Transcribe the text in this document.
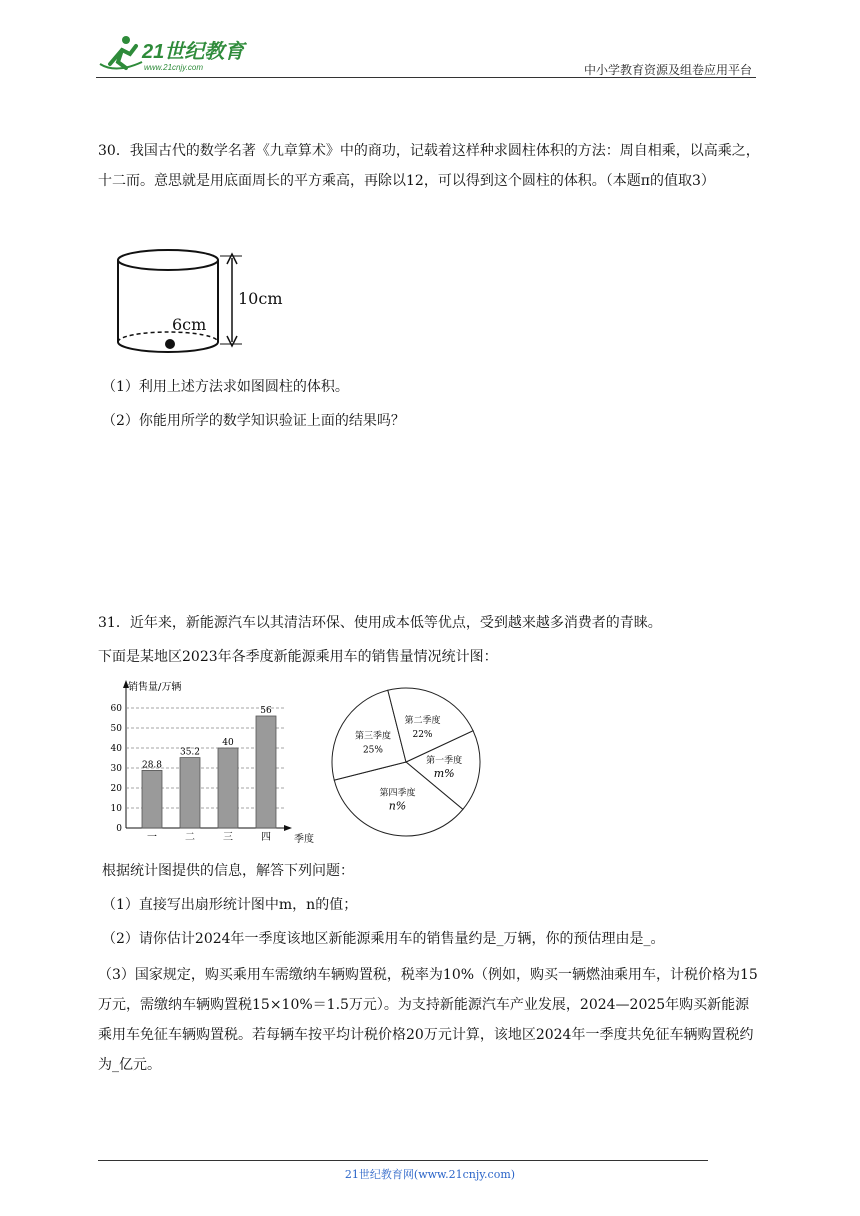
21世纪教育
www.21cnjy.com	中小学教育资源及组卷应用平台

30．我国古代的数学名著《九章算术》中的商功，记载着这样种求圆柱体积的方法：周自相乘，以高乘之，十二而。意思就是用底面周长的平方乘高，再除以12，可以得到这个圆柱的体积。（本题π的值取3）

6cm
10cm

（1）利用上述方法求如图圆柱的体积。

（2）你能用所学的数学知识验证上面的结果吗？

31．近年来，新能源汽车以其清洁环保、使用成本低等优点，受到越来越多消费者的青睐。

下面是某地区2023年各季度新能源乘用车的销售量情况统计图：

销售量/万辆
季度
0
10
20
30
40
50
60
28.8
一
35.2
二
40
三
56
四
第一季度
m%
第四季度
n%
第三季度
25%
第二季度
22%

根据统计图提供的信息，解答下列问题：

（1）直接写出扇形统计图中m，n的值；

（2）请你估计2024年一季度该地区新能源乘用车的销售量约是_万辆，你的预估理由是_。

（3）国家规定，购买乘用车需缴纳车辆购置税，税率为10%（例如，购买一辆燃油乘用车，计税价格为15万元，需缴纳车辆购置税15×10%＝1.5万元）。为支持新能源汽车产业发展，2024—2025年购买新能源乘用车免征车辆购置税。若每辆车按平均计税价格20万元计算，该地区2024年一季度共免征车辆购置税约为_亿元。

21世纪教育网(www.21cnjy.com)
